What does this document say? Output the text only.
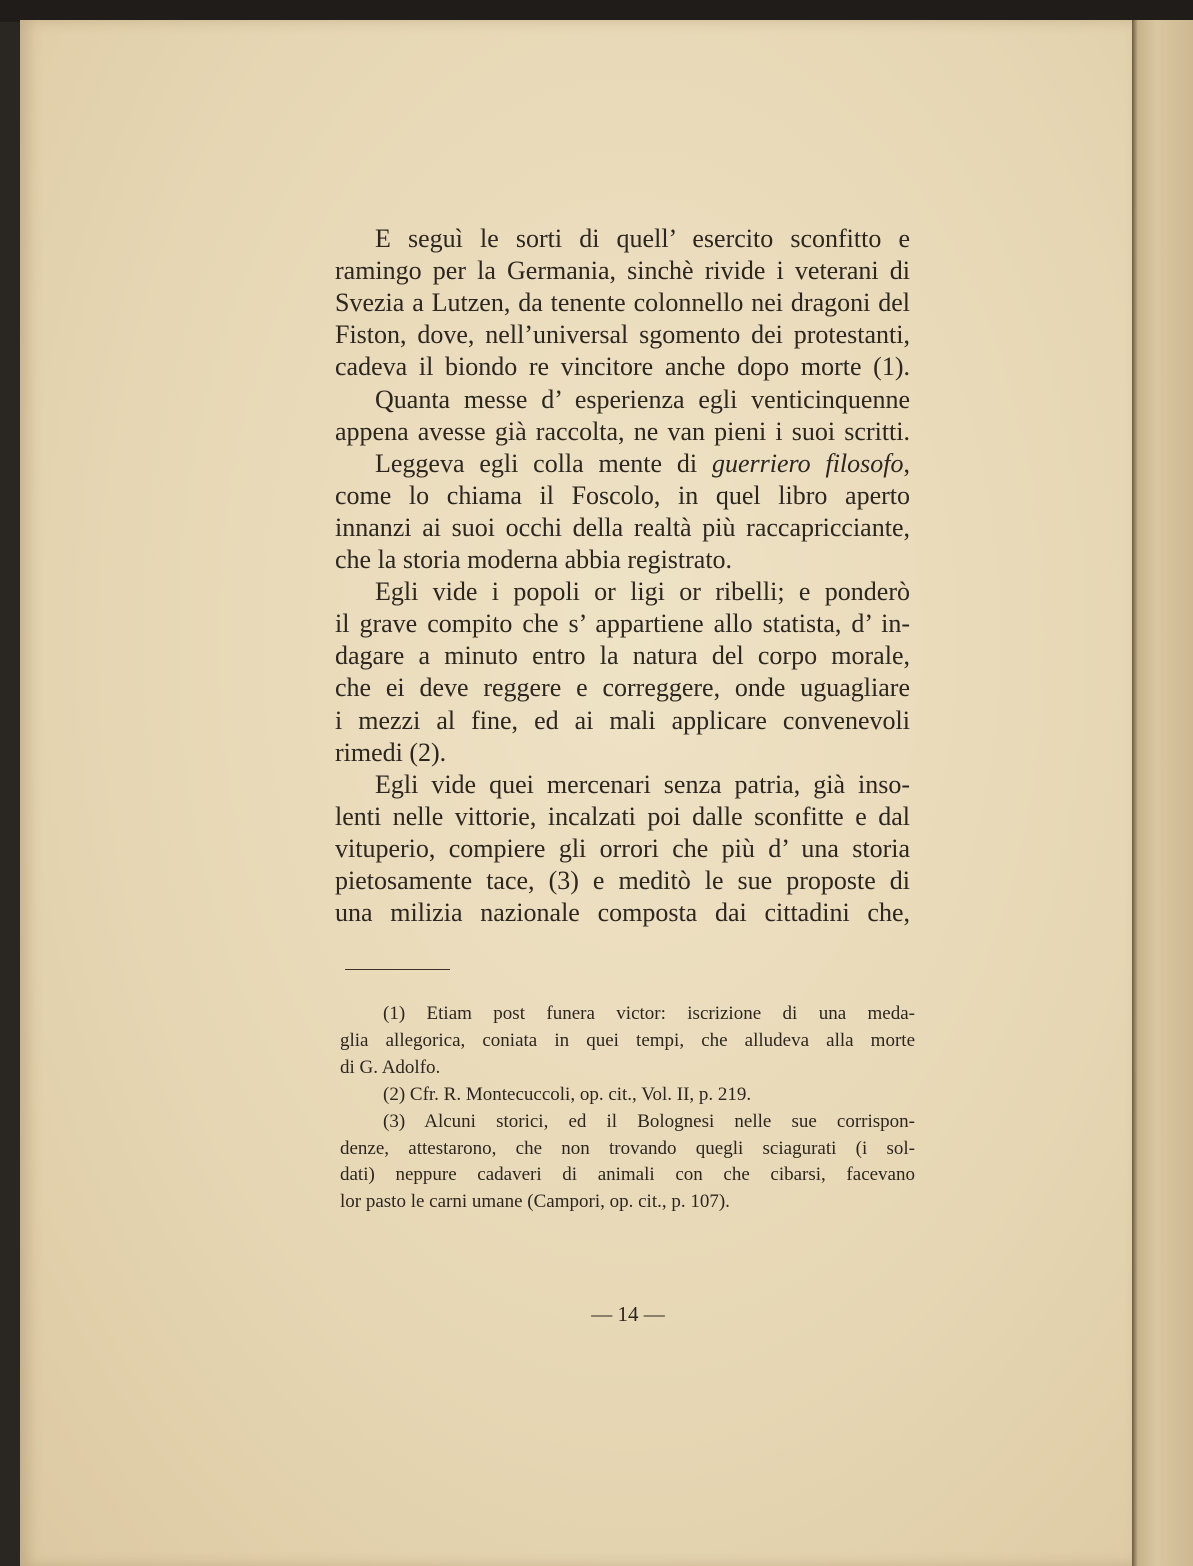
E seguì le sorti di quell’ esercito sconfitto e
ramingo per la Germania, sinchè rivide i veterani di
Svezia a Lutzen, da tenente colonnello nei dragoni del
Fiston, dove, nell’universal sgomento dei protestanti,
cadeva il biondo re vincitore anche dopo morte (1).
Quanta messe d’ esperienza egli venticinquenne
appena avesse già raccolta, ne van pieni i suoi scritti.
Leggeva egli colla mente di guerriero filosofo,
come lo chiama il Foscolo, in quel libro aperto
innanzi ai suoi occhi della realtà più raccapricciante,
che la storia moderna abbia registrato.
Egli vide i popoli or ligi or ribelli; e ponderò
il grave compito che s’ appartiene allo statista, d’ in-
dagare a minuto entro la natura del corpo morale,
che ei deve reggere e correggere, onde uguagliare
i mezzi al fine, ed ai mali applicare convenevoli
rimedi (2).
Egli vide quei mercenari senza patria, già inso-
lenti nelle vittorie, incalzati poi dalle sconfitte e dal
vituperio, compiere gli orrori che più d’ una storia
pietosamente tace, (3) e meditò le sue proposte di
una milizia nazionale composta dai cittadini che,
(1) Etiam post funera victor: iscrizione di una meda-
glia allegorica, coniata in quei tempi, che alludeva alla morte
di G. Adolfo.
(2) Cfr. R. Montecuccoli, op. cit., Vol. II, p. 219.
(3) Alcuni storici, ed il Bolognesi nelle sue corrispon-
denze, attestarono, che non trovando quegli sciagurati (i sol-
dati) neppure cadaveri di animali con che cibarsi, facevano
lor pasto le carni umane (Campori, op. cit., p. 107).
— 14 —
